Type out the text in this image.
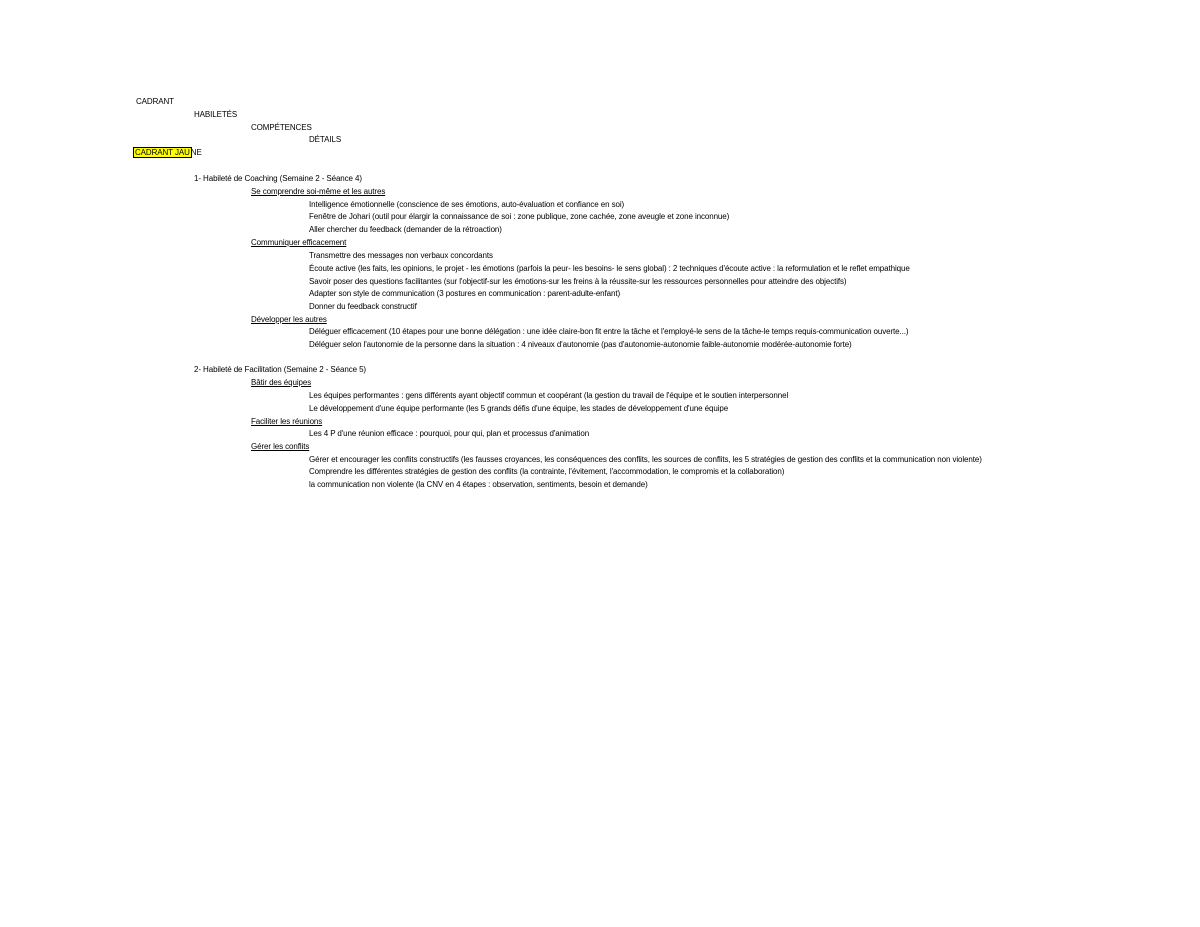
CADRANT
HABILETÉS
COMPÉTENCES
DÉTAILS
CADRANT JAUNE
1- Habileté de Coaching (Semaine 2 - Séance 4)
Se comprendre soi-même et les autres
Intelligence émotionnelle (conscience de ses émotions, auto-évaluation et confiance en soi)
Fenêtre de Johari (outil pour élargir la connaissance de soi : zone publique, zone cachée, zone aveugle et zone inconnue)
Aller chercher du feedback (demander de la rétroaction)
Communiquer efficacement
Transmettre des messages non verbaux concordants
Écoute active (les faits, les opinions, le projet - les émotions (parfois la peur- les besoins- le sens global) : 2 techniques d'écoute active : la reformulation et le reflet empathique
Savoir poser des questions facilitantes (sur l'objectif-sur les émotions-sur les freins à la réussite-sur les ressources personnelles pour atteindre des objectifs)
Adapter son style de communication (3 postures en communication : parent-adulte-enfant)
Donner du feedback constructif
Développer les autres
Déléguer efficacement (10 étapes pour une bonne délégation : une idée claire-bon fit entre la tâche et l'employé-le sens de la tâche-le temps requis-communication ouverte...)
Déléguer selon l'autonomie de la personne dans la situation : 4 niveaux d'autonomie (pas d'autonomie-autonomie faible-autonomie modérée-autonomie forte)
2- Habileté de Facilitation (Semaine 2 - Séance 5)
Bâtir des équipes
Les équipes performantes : gens différents ayant objectif commun et coopérant (la gestion du travail de l'équipe et le soutien interpersonnel
Le développement d'une équipe performante (les 5 grands défis d'une équipe, les stades de développement d'une équipe
Faciliter les réunions
Les 4 P d'une réunion efficace : pourquoi, pour qui, plan et processus d'animation
Gérer les conflits
Gérer et encourager les conflits constructifs (les fausses croyances, les conséquences des conflits, les sources de conflits, les 5 stratégies de gestion des conflits et la communication non violente)
Comprendre les différentes stratégies de gestion des conflits (la contrainte, l'évitement, l'accommodation, le compromis et la collaboration)
la communication non violente (la CNV en 4 étapes : observation, sentiments, besoin et demande)
